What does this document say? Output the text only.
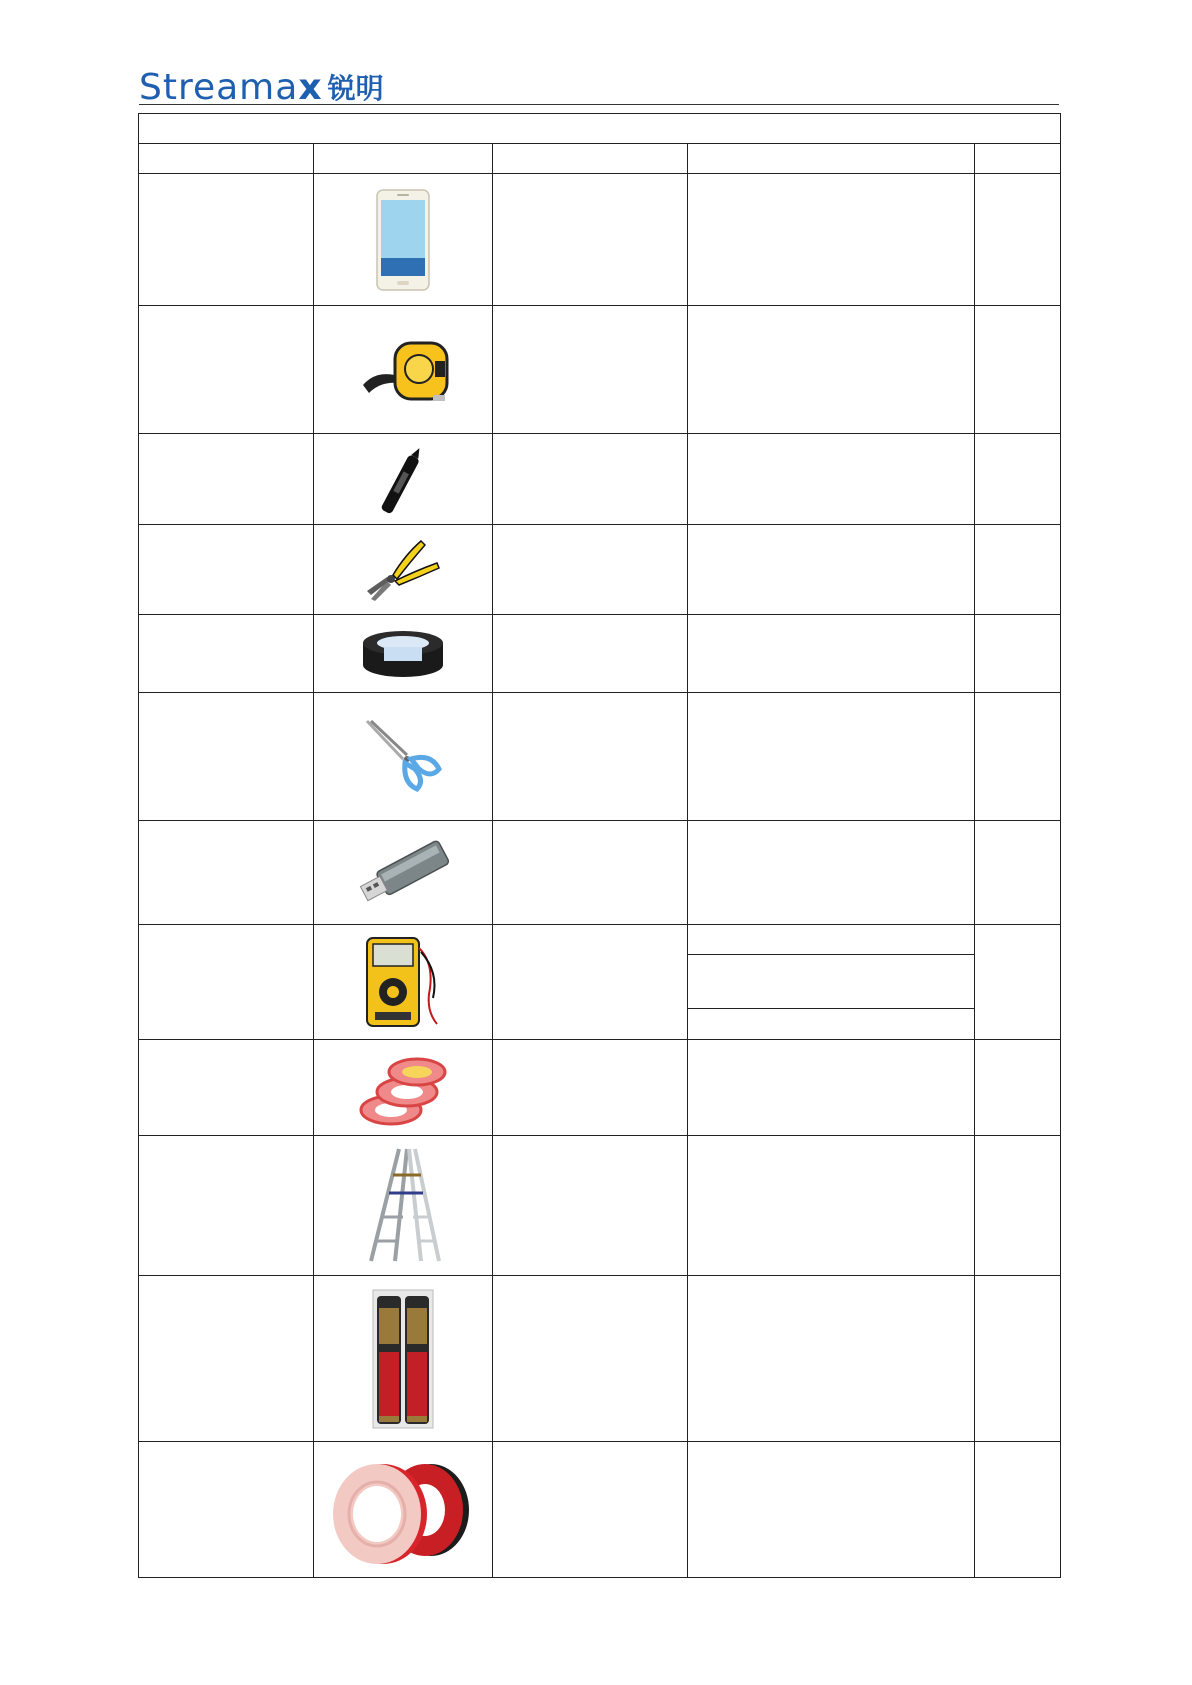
Streama x 锐明
